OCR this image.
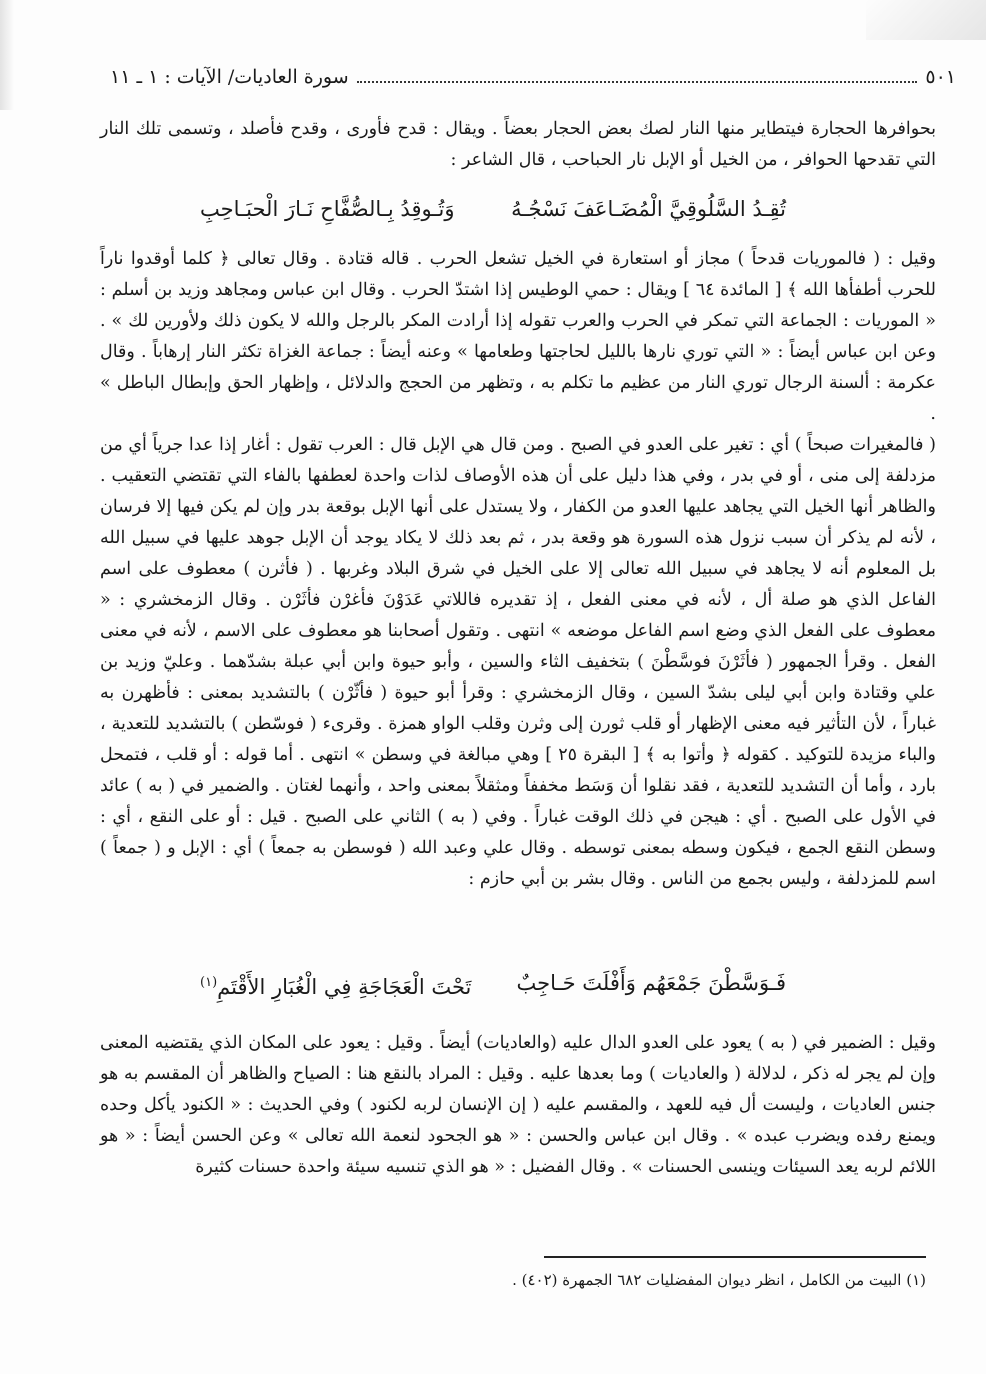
سورة العاديات/ الآيات : ١ ـ ١١	٥٠١

بحوافرها الحجارة فيتطاير منها النار لصك بعض الحجار بعضاً . ويقال : قدح فأورى ، وقدح فأصلد ، وتسمى تلك النار التي تقدحها الحوافر ، من الخيل أو الإبل نار الحباحب ، قال الشاعر :

تُقِـدُ السَّلُوقِيَّ الْمُضَـاعَفَ نَسْجُـهُ
وَتُـوقِدُ بِـالصُّفَّاحِ نَـارَ الْحبَـاحِبِ

وقيل : ( فالموريات قدحاً ) مجاز أو استعارة في الخيل تشعل الحرب . قاله قتادة . وقال تعالى ﴿ كلما أوقدوا ناراً للحرب أطفأها الله ﴾ [ المائدة ٦٤ ] ويقال : حمي الوطيس إذا اشتدّ الحرب . وقال ابن عباس ومجاهد وزيد بن أسلم : « الموريات : الجماعة التي تمكر في الحرب والعرب تقوله إذا أرادت المكر بالرجل والله لا يكون ذلك ولأورين لك » . وعن ابن عباس أيضاً : « التي توري نارها بالليل لحاجتها وطعامها » وعنه أيضاً : جماعة الغزاة تكثر النار إرهاباً . وقال عكرمة : ألسنة الرجال توري النار من عظيم ما تكلم به ، وتظهر من الحجج والدلائل ، وإظهار الحق وإبطال الباطل » .

( فالمغيرات صبحاً ) أي : تغير على العدو في الصبح . ومن قال هي الإبل قال : العرب تقول : أغار إذا عدا جرياً أي من مزدلفة إلى منى ، أو في بدر ، وفي هذا دليل على أن هذه الأوصاف لذات واحدة لعطفها بالفاء التي تقتضي التعقيب . والظاهر أنها الخيل التي يجاهد عليها العدو من الكفار ، ولا يستدل على أنها الإبل بوقعة بدر وإن لم يكن فيها إلا فرسان ، لأنه لم يذكر أن سبب نزول هذه السورة هو وقعة بدر ، ثم بعد ذلك لا يكاد يوجد أن الإبل جوهد عليها في سبيل الله بل المعلوم أنه لا يجاهد في سبيل الله تعالى إلا على الخيل في شرق البلاد وغربها . ( فأثرن ) معطوف على اسم الفاعل الذي هو صلة أل ، لأنه في معنى الفعل ، إذ تقديره فاللاتي عَدَوْنَ فأغرْن فأثَرْن . وقال الزمخشري : « معطوف على الفعل الذي وضع اسم الفاعل موضعه » انتهى . وتقول أصحابنا هو معطوف على الاسم ، لأنه في معنى الفعل . وقرأ الجمهور ( فأثَرْنَ فوسَّطْنَ ) بتخفيف الثاء والسين ، وأبو حيوة وابن أبي عبلة بشدّهما . وعليّ وزيد بن علي وقتادة وابن أبي ليلى بشدّ السين ، وقال الزمخشري : وقرأ أبو حيوة ( فأثّرْن ) بالتشديد بمعنى : فأظهرن به غباراً ، لأن التأثير فيه معنى الإظهار أو قلب ثورن إلى وثرن وقلب الواو همزة . وقرىء ( فوسّطن ) بالتشديد للتعدية ، والباء مزيدة للتوكيد . كقوله ﴿ وأتوا به ﴾ [ البقرة ٢٥ ] وهي مبالغة في وسطن » انتهى . أما قوله : أو قلب ، فتمحل بارد ، وأما أن التشديد للتعدية ، فقد نقلوا أن وَسَط مخففاً ومثقلاً بمعنى واحد ، وأنهما لغتان . والضمير في ( به ) عائد في الأول على الصبح . أي : هيجن في ذلك الوقت غباراً . وفي ( به ) الثاني على الصبح . قيل : أو على النقع ، أي : وسطن النقع الجمع ، فيكون وسطه بمعنى توسطه . وقال علي وعبد الله ( فوسطن به جمعاً ) أي : الإبل و ( جمعاً ) اسم للمزدلفة ، وليس بجمع من الناس . وقال بشر بن أبي حازم :

فَـوَسَّطْنَ جَمْعَهُم وَأَفْلَتَ حَـاجِبٌ
تَحْتَ الْعَجَاجَةِ فِي الْغُبَارِ الأَقْتَمِ$^{(١)}$

وقيل : الضمير في ( به ) يعود على العدو الدال عليه (والعاديات) أيضاً . وقيل : يعود على المكان الذي يقتضيه المعنى وإن لم يجر له ذكر ، لدلالة ( والعاديات ) وما بعدها عليه . وقيل : المراد بالنقع هنا : الصياح والظاهر أن المقسم به هو جنس العاديات ، وليست أل فيه للعهد ، والمقسم عليه ( إن الإنسان لربه لكنود ) وفي الحديث : « الكنود يأكل وحده ويمنع رفده ويضرب عبده » . وقال ابن عباس والحسن : « هو الجحود لنعمة الله تعالى » وعن الحسن أيضاً : « هو اللائم لربه يعد السيئات وينسى الحسنات » . وقال الفضيل : « هو الذي تنسيه سيئة واحدة حسنات كثيرة

(١) البيت من الكامل ، انظر ديوان المفضليات ٦٨٢ الجمهرة (٤٠٢) .
